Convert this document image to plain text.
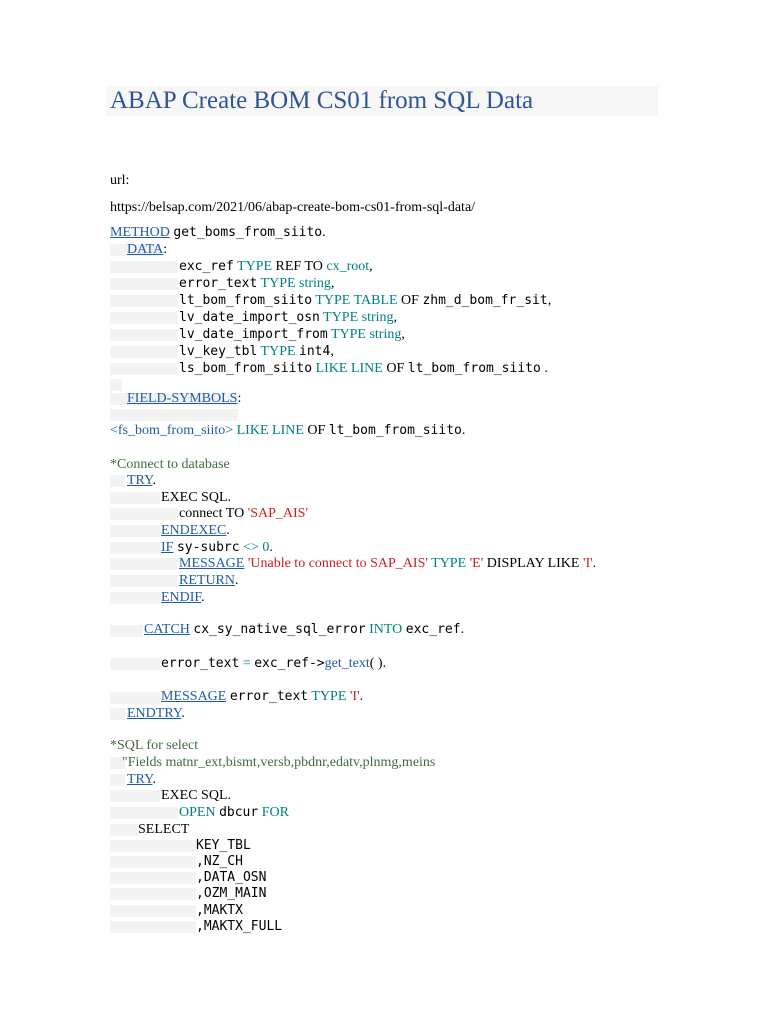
ABAP Create BOM CS01 from SQL Data
url:
https://belsap.com/2021/06/abap-create-bom-cs01-from-sql-data/
METHOD get_boms_from_siito.
DATA:
exc_ref TYPE REF TO cx_root,
error_text TYPE string,
lt_bom_from_siito TYPE TABLE OF zhm_d_bom_fr_sit,
lv_date_import_osn TYPE string,
lv_date_import_from TYPE string,
lv_key_tbl TYPE int4,
ls_bom_from_siito LIKE LINE OF lt_bom_from_siito .
FIELD-SYMBOLS:
<fs_bom_from_siito> LIKE LINE OF lt_bom_from_siito.
*Connect to database
TRY.
EXEC SQL.
connect TO 'SAP_AIS'
ENDEXEC.
IF sy-subrc <> 0.
MESSAGE 'Unable to connect to SAP_AIS' TYPE 'E' DISPLAY LIKE 'I'.
RETURN.
ENDIF.
CATCH cx_sy_native_sql_error INTO exc_ref.
error_text = exc_ref->get_text( ).
MESSAGE error_text TYPE 'I'.
ENDTRY.
*SQL for select
"Fields matnr_ext,bismt,versb,pbdnr,edatv,plnmg,meins
TRY.
EXEC SQL.
OPEN dbcur FOR
SELECT
KEY_TBL
,NZ_CH
,DATA_OSN
,OZM_MAIN
,MAKTX
,MAKTX_FULL
